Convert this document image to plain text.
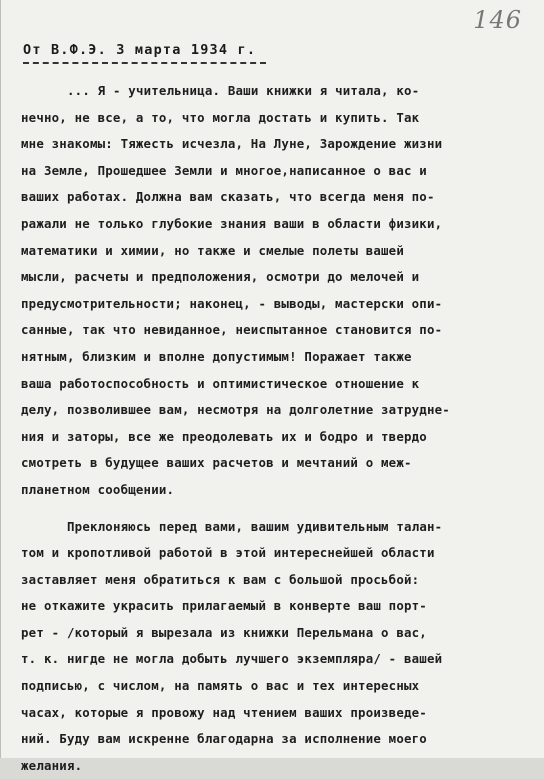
146
От В.Ф.Э. 3 марта 1934 г.
... Я - учительница. Ваши книжки я читала, ко-
нечно, не все, а то, что могла достать и купить. Так
мне знакомы: Тяжесть исчезла, На Луне, Зарождение жизни
на Земле, Прошедшее Земли и многое,написанное о вас и
ваших работах. Должна вам сказать, что всегда меня по-
ражали не только глубокие знания ваши в области физики,
математики и химии, но также и смелые полеты вашей
мысли, расчеты и предположения, осмотри до мелочей и
предусмотрительности; наконец, - выводы, мастерски опи-
санные, так что невиданное, неиспытанное становится по-
нятным, близким и вполне допустимым! Поражает также
ваша работоспособность и оптимистическое отношение к
делу, позволившее вам, несмотря на долголетние затрудне-
ния и заторы, все же преодолевать их и бодро и твердо
смотреть в будущее ваших расчетов и мечтаний о меж-
планетном сообщении.
Преклоняюсь перед вами, вашим удивительным талан-
том и кропотливой работой в этой интереснейшей области
заставляет меня обратиться к вам с большой просьбой:
не откажите украсить прилагаемый в конверте ваш порт-
рет - /который я вырезала из книжки Перельмана о вас,
т. к. нигде не могла добыть лучшего экземпляра/ - вашей
подписью, с числом, на память о вас и тех интересных
часах, которые я провожу над чтением ваших произведе-
ний. Буду вам искренне благодарна за исполнение моего
желания.
